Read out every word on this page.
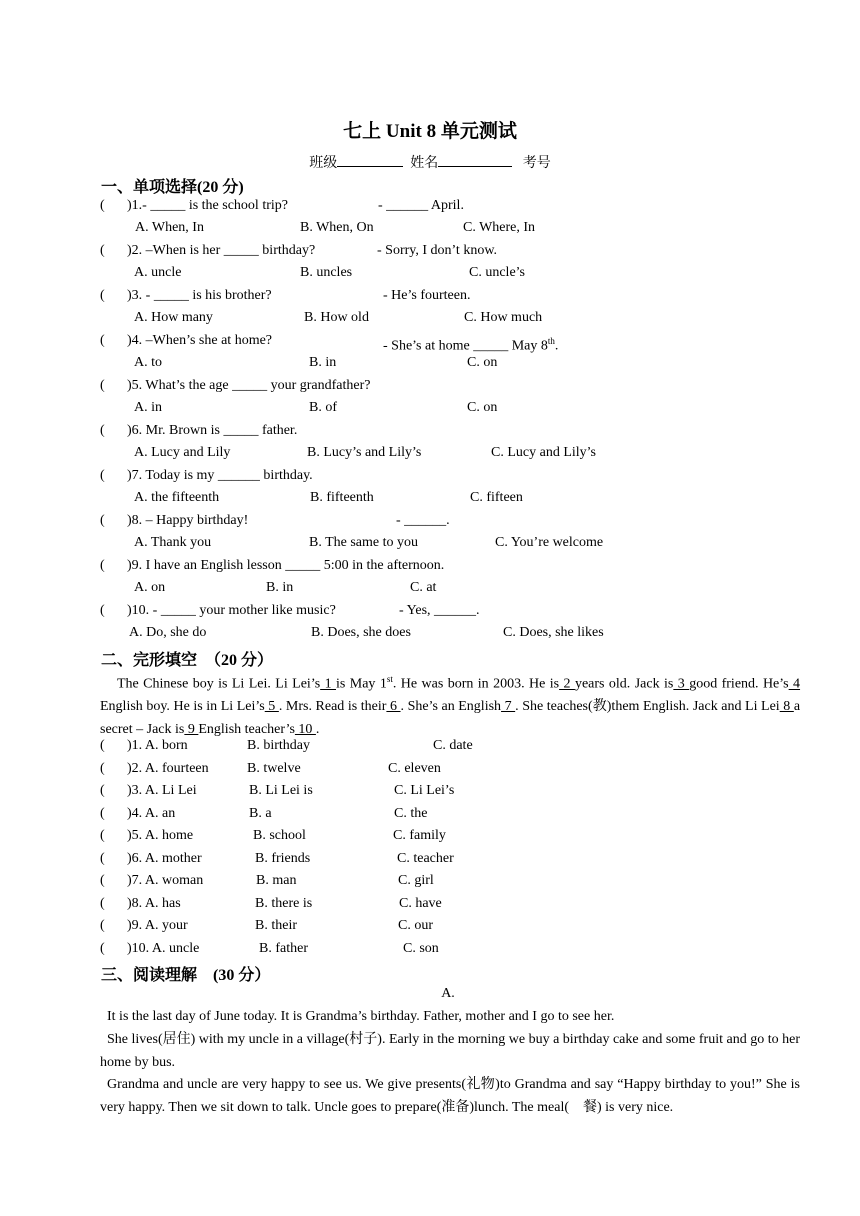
七上 Unit 8 单元测试
班级	姓名	考号
一、单项选择(20 分)
( )1.- _____ is the school trip?	- ______ April.
A. When, In	B. When, On	C. Where, In
( )2. –When is her _____ birthday?	- Sorry, I don’t know.
A. uncle	B. uncles	C. uncle’s
( )3. - _____ is his brother?	- He’s fourteen.
A. How many	B. How old	C. How much
( )4. –When’s she at home?	- She’s at home _____ May 8th.
A. to	B. in	C. on
( )5. What’s the age _____ your grandfather?
A. in	B. of	C. on
( )6. Mr. Brown is _____ father.
A. Lucy and Lily	B. Lucy’s and Lily’s	C. Lucy and Lily’s
( )7. Today is my ______ birthday.
A. the fifteenth	B. fifteenth	C. fifteen
( )8. – Happy birthday!	- ______.
A. Thank you	B. The same to you	C. You’re welcome
( )9. I have an English lesson _____ 5:00 in the afternoon.
A. on	B. in	C. at
( )10. - _____ your mother like music?	- Yes, ______.
A. Do, she do	B. Does, she does	C. Does, she likes
二、完形填空　（20 分）
The Chinese boy is Li Lei. Li Lei’s 1 is May 1st. He was born in 2003. He is 2 years old. Jack is 3 good friend. He’s 4 English boy. He is in Li Lei’s 5 . Mrs. Read is their 6 . She’s an English 7 . She teaches(教)them English. Jack and Li Lei 8 a secret – Jack is 9 English teacher’s 10 .
( )1. A. born	B. birthday	C. date
( )2. A. fourteen	B. twelve	C. eleven
( )3. A. Li Lei	B. Li Lei is	C. Li Lei’s
( )4. A. an	B. a	C. the
( )5. A. home	B. school	C. family
( )6. A. mother	B. friends	C. teacher
( )7. A. woman	B. man	C. girl
( )8. A. has	B. there is	C. have
( )9. A. your	B. their	C. our
( )10. A. uncle	B. father	C. son
三、阅读理解　(30 分）
A.
It is the last day of June today. It is Grandma’s birthday. Father, mother and I go to see her.
She lives(居住) with my uncle in a village(村子). Early in the morning we buy a birthday cake and some fruit and go to her home by bus.
Grandma and uncle are very happy to see us. We give presents(礼物)to Grandma and say “Happy birthday to you!” She is very happy. Then we sit down to talk. Uncle goes to prepare(准备)lunch. The meal(　餐) is very nice.
